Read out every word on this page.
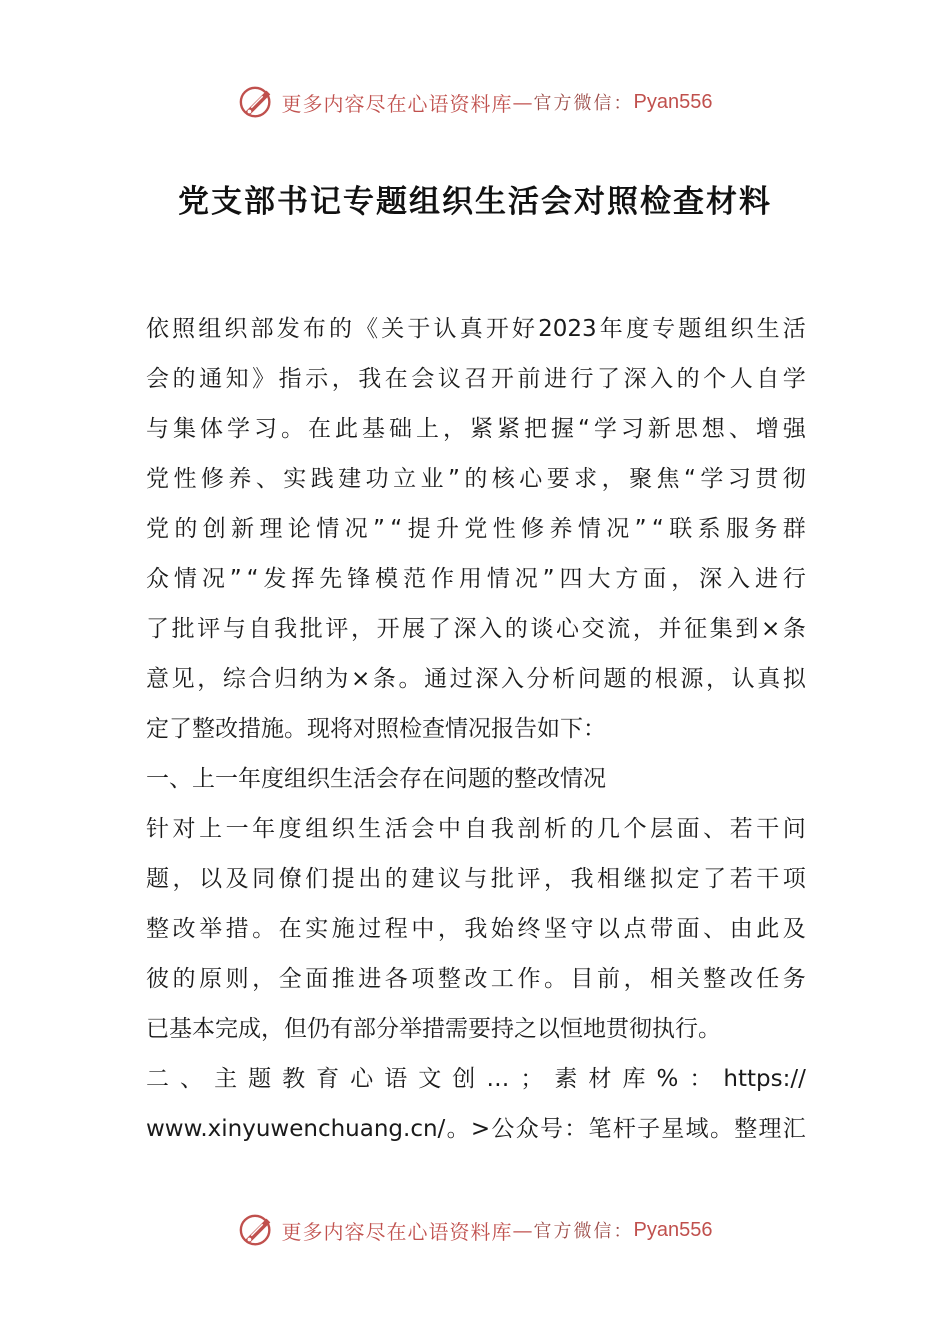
更多内容尽在心语资料库 — 官方微信： Pyan556
党支部书记专题组织生活会对照检查材料
依 照 组 织 部 发 布 的 《 关 于 认 真 开 好 2023 年 度 专 题 组 织 生 活
会 的 通 知 》 指 示 ， 我 在 会 议 召 开 前 进 行 了 深 入 的 个 人 自 学
与 集 体 学 习 。 在 此 基 础 上 ， 紧 紧 把 握 “ 学 习 新 思 想 、 增 强
党 性 修 养 、 实 践 建 功 立 业 ” 的 核 心 要 求 ， 聚 焦 “ 学 习 贯 彻
党 的 创 新 理 论 情 况 ” “ 提 升 党 性 修 养 情 况 ” “ 联 系 服 务 群
众 情 况 ” “ 发 挥 先 锋 模 范 作 用 情 况 ” 四 大 方 面 ， 深 入 进 行
了 批 评 与 自 我 批 评 ， 开 展 了 深 入 的 谈 心 交 流 ， 并 征 集 到 × 条
意 见 ， 综 合 归 纳 为 × 条 。 通 过 深 入 分 析 问 题 的 根 源 ， 认 真 拟
定了整改措施。现将对照检查情况报告如下：
一、上一年度组织生活会存在问题的整改情况
针 对 上 一 年 度 组 织 生 活 会 中 自 我 剖 析 的 几 个 层 面 、 若 干 问
题 ， 以 及 同 僚 们 提 出 的 建 议 与 批 评 ， 我 相 继 拟 定 了 若 干 项
整 改 举 措 。 在 实 施 过 程 中 ， 我 始 终 坚 守 以 点 带 面 、 由 此 及
彼 的 原 则 ， 全 面 推 进 各 项 整 改 工 作 。 目 前 ， 相 关 整 改 任 务
已基本完成，但仍有部分举措需要持之以恒地贯彻执行。
二 、 主 题 教 育 心 语 文 创 … ； 素 材 库 % ： https://
www.xinyuwenchuang.cn/ 。 > 公 众 号 ： 笔 杆 子 星 域 。 整 理 汇
更多内容尽在心语资料库 — 官方微信： Pyan556
